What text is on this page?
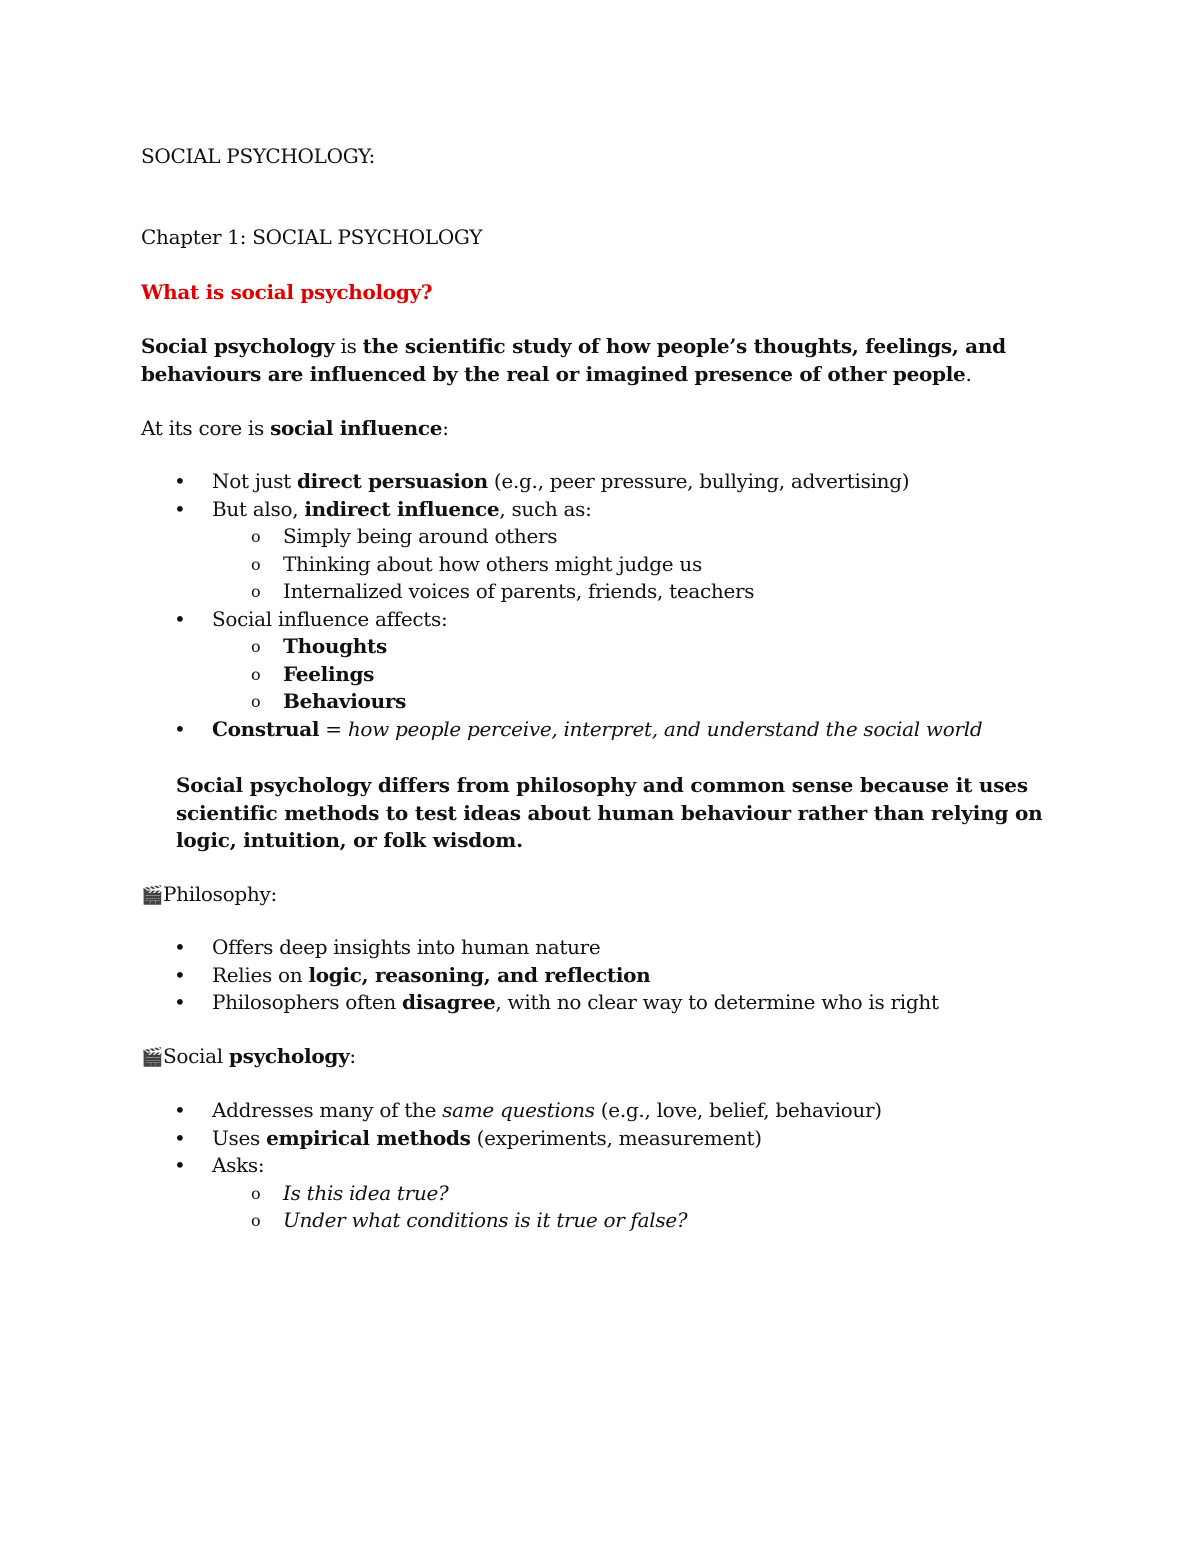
SOCIAL PSYCHOLOGY:

Chapter 1: SOCIAL PSYCHOLOGY

What is social psychology?

Social psychology is the scientific study of how people’s thoughts, feelings, and behaviours are influenced by the real or imagined presence of other people.

At its core is social influence:

• Not just direct persuasion (e.g., peer pressure, bullying, advertising)
• But also, indirect influence, such as:
o Simply being around others
o Thinking about how others might judge us
o Internalized voices of parents, friends, teachers
• Social influence affects:
o Thoughts
o Feelings
o Behaviours
• Construal = how people perceive, interpret, and understand the social world

Social psychology differs from philosophy and common sense because it uses scientific methods to test ideas about human behaviour rather than relying on logic, intuition, or folk wisdom.

🎬Philosophy:

• Offers deep insights into human nature
• Relies on logic, reasoning, and reflection
• Philosophers often disagree, with no clear way to determine who is right

🎬Social psychology:

• Addresses many of the same questions (e.g., love, belief, behaviour)
• Uses empirical methods (experiments, measurement)
• Asks:
o Is this idea true?
o Under what conditions is it true or false?
